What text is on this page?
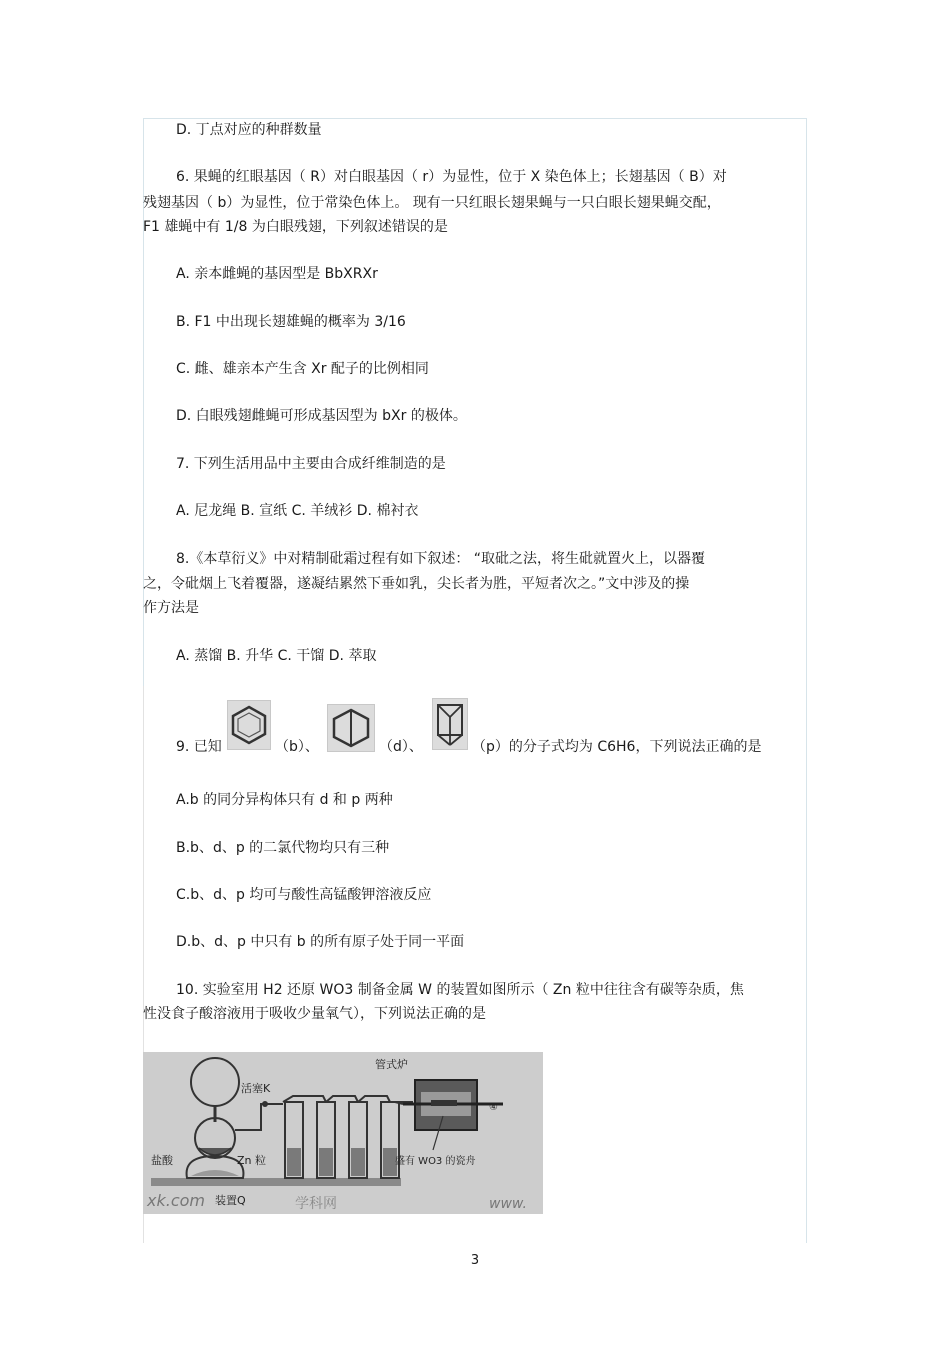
D. 丁点对应的种群数量
6. 果蝇的红眼基因（ R）对白眼基因（ r）为显性，位于 X 染色体上；长翅基因（ B）对
残翅基因（ b）为显性，位于常染色体上。 现有一只红眼长翅果蝇与一只白眼长翅果蝇交配，
F1 雄蝇中有 1/8 为白眼残翅，下列叙述错误的是
A. 亲本雌蝇的基因型是 BbXRXr
B. F1 中出现长翅雄蝇的概率为 3/16
C. 雌、雄亲本产生含 Xr 配子的比例相同
D. 白眼残翅雌蝇可形成基因型为 bXr 的极体。
7. 下列生活用品中主要由合成纤维制造的是
A. 尼龙绳 B. 宣纸 C. 羊绒衫 D. 棉衬衣
8.《本草衍义》中对精制砒霜过程有如下叙述： “取砒之法，将生砒就置火上，以器覆
之，令砒烟上飞着覆器，遂凝结累然下垂如乳，尖长者为胜，平短者次之。”文中涉及的操
作方法是
A. 蒸馏 B. 升华 C. 干馏 D. 萃取
9. 已知	（b）、	（d）、	（p）的分子式均为 C6H6，下列说法正确的是
A.b 的同分异构体只有 d 和 p 两种
B.b、d、p 的二氯代物均只有三种
C.b、d、p 均可与酸性高锰酸钾溶液反应
D.b、d、p 中只有 b 的所有原子处于同一平面
10. 实验室用 H2 还原 WO3 制备金属 W 的装置如图所示（ Zn 粒中往往含有碳等杂质，焦
性没食子酸溶液用于吸收少量氧气），下列说法正确的是
管式炉
活塞K
Zn 粒
盐酸
装置Q
盛有 WO3 的瓷舟
④
xk.com	学科网	www.
3
